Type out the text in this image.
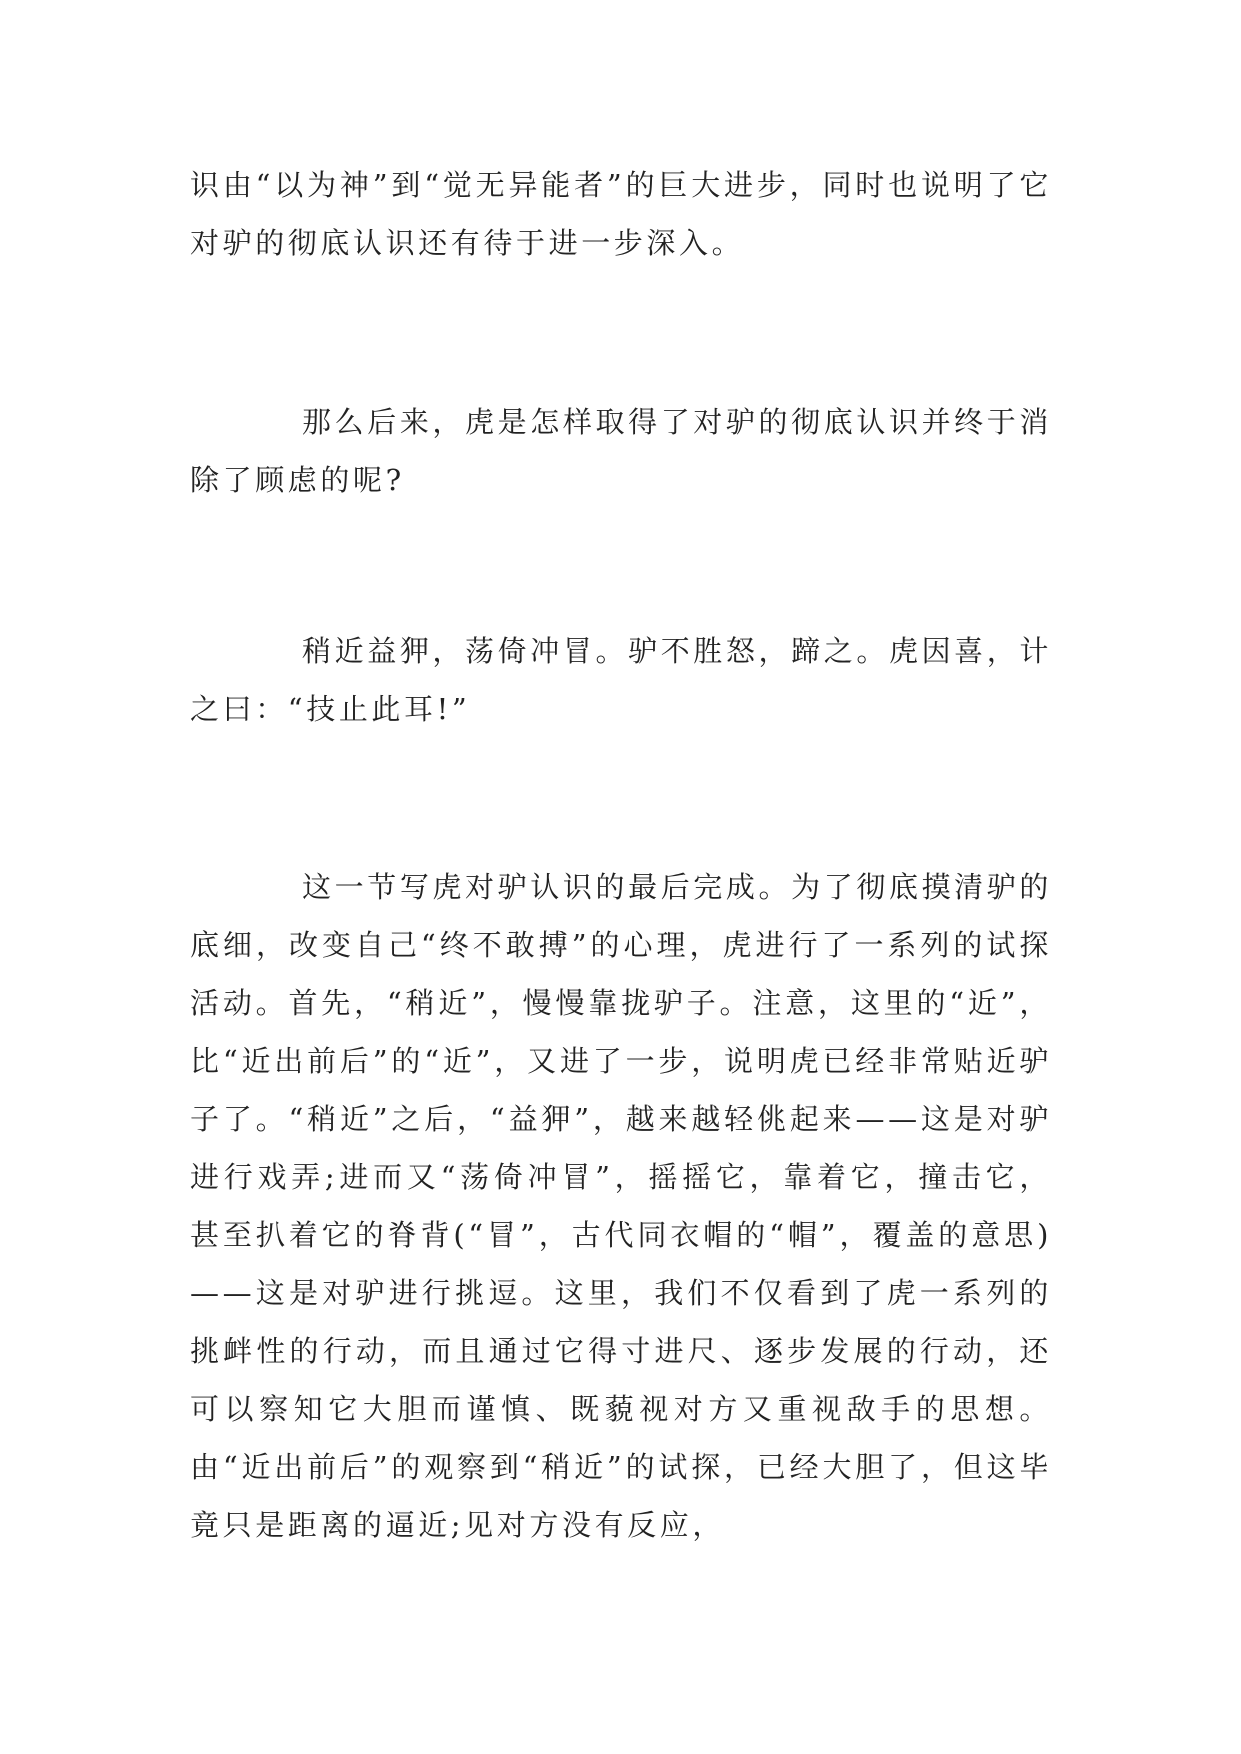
识由“以为神”到“觉无异能者”的巨大进步，同时也说明了它对驴的彻底认识还有待于进一步深入。

那么后来，虎是怎样取得了对驴的彻底认识并终于消除了顾虑的呢?

稍近益狎，荡倚冲冒。驴不胜怒，蹄之。虎因喜，计之曰：“技止此耳!”

这一节写虎对驴认识的最后完成。为了彻底摸清驴的底细，改变自己“终不敢搏”的心理，虎进行了一系列的试探活动。首先，“稍近”，慢慢靠拢驴子。注意，这里的“近”，比“近出前后”的“近”，又进了一步，说明虎已经非常贴近驴子了。“稍近”之后，“益狎”，越来越轻佻起来——这是对驴进行戏弄;进而又“荡倚冲冒”，摇摇它，靠着它，撞击它，甚至扒着它的脊背(“冒”，古代同衣帽的“帽”，覆盖的意思)——这是对驴进行挑逗。这里，我们不仅看到了虎一系列的挑衅性的行动，而且通过它得寸进尺、逐步发展的行动，还可以察知它大胆而谨慎、既藐视对方又重视敌手的思想。由“近出前后”的观察到“稍近”的试探，已经大胆了，但这毕竟只是距离的逼近;见对方没有反应，
